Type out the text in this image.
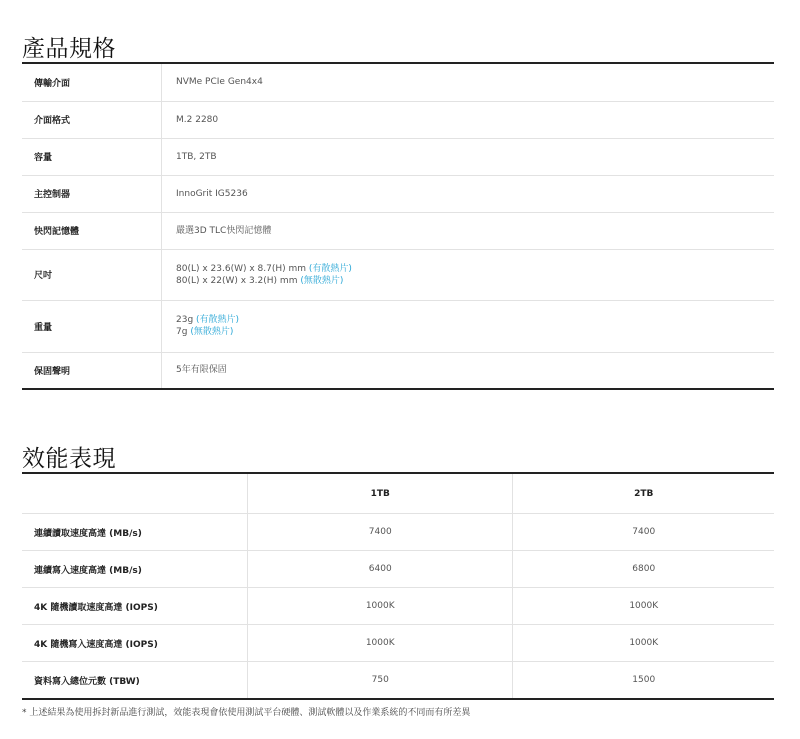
產品規格
傳輸介面	NVMe PCIe Gen4x4

介面格式	M.2 2280

容量	1TB, 2TB

主控制器	InnoGrit IG5236

快閃記憶體	嚴選3D TLC快閃記憶體

尺吋	80(L) x 23.6(W) x 8.7(H) mm (有散熱片)
80(L) x 22(W) x 3.2(H) mm (無散熱片)

重量	23g (有散熱片)
7g (無散熱片)

保固聲明	5年有限保固
效能表現
	1TB	2TB
連續讀取速度高達 (MB/s)	7400	7400
連續寫入速度高達 (MB/s)	6400	6800
4K 隨機讀取速度高達 (IOPS)	1000K	1000K
4K 隨機寫入速度高達 (IOPS)	1000K	1000K
資料寫入總位元數 (TBW)	750	1500
* 上述結果為使用拆封新品進行測試，效能表現會依使用測試平台硬體、測試軟體以及作業系統的不同而有所差異
